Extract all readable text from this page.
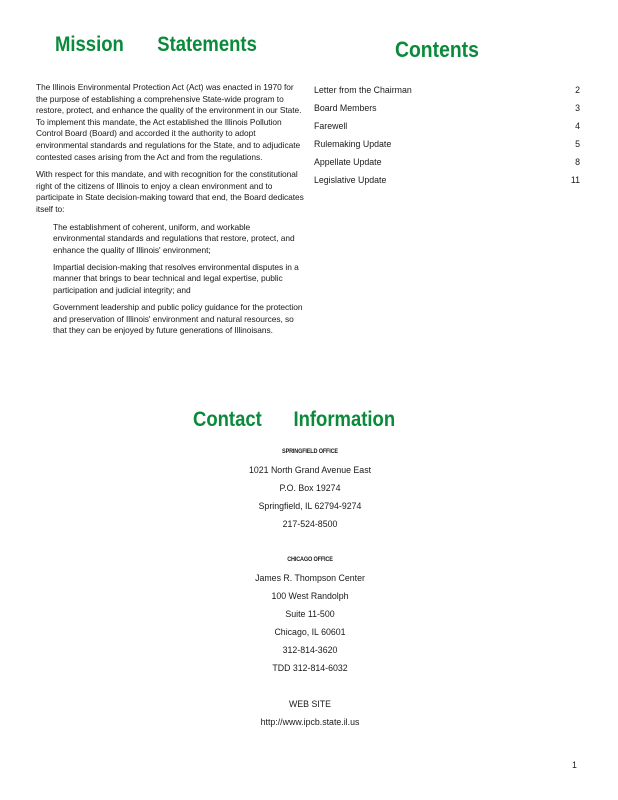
Mission Statements	Contents

The Illinois Environmental Protection Act (Act) was enacted in 1970 for the purpose of establishing a comprehensive State-wide program to restore, protect, and enhance the quality of the environment in our State. To implement this mandate, the Act established the Illinois Pollution Control Board (Board) and accorded it the authority to adopt environmental standards and regulations for the State, and to adjudicate contested cases arising from the Act and from the regulations.

With respect for this mandate, and with recognition for the constitutional right of the citizens of Illinois to enjoy a clean environment and to participate in State decision-making toward that end, the Board dedicates itself to:

The establishment of coherent, uniform, and workable environmental standards and regulations that restore, protect, and enhance the quality of Illinois' environment;
Impartial decision-making that resolves environmental disputes in a manner that brings to bear technical and legal expertise, public participation and judicial integrity; and
Government leadership and public policy guidance for the protection and preservation of Illinois' environment and natural resources, so that they can be enjoyed by future generations of Illinoisans.
Letter from the Chairman	2
Board Members	3
Farewell	4
Rulemaking Update	5
Appellate Update	8
Legislative Update	11
Contact Information
SPRINGFIELD OFFICE
1021 North Grand Avenue East
P.O. Box 19274
Springfield, IL 62794-9274
217-524-8500
CHICAGO OFFICE
James R. Thompson Center
100 West Randolph
Suite 11-500
Chicago, IL 60601
312-814-3620
TDD 312-814-6032
WEB SITE
http://www.ipcb.state.il.us
1
